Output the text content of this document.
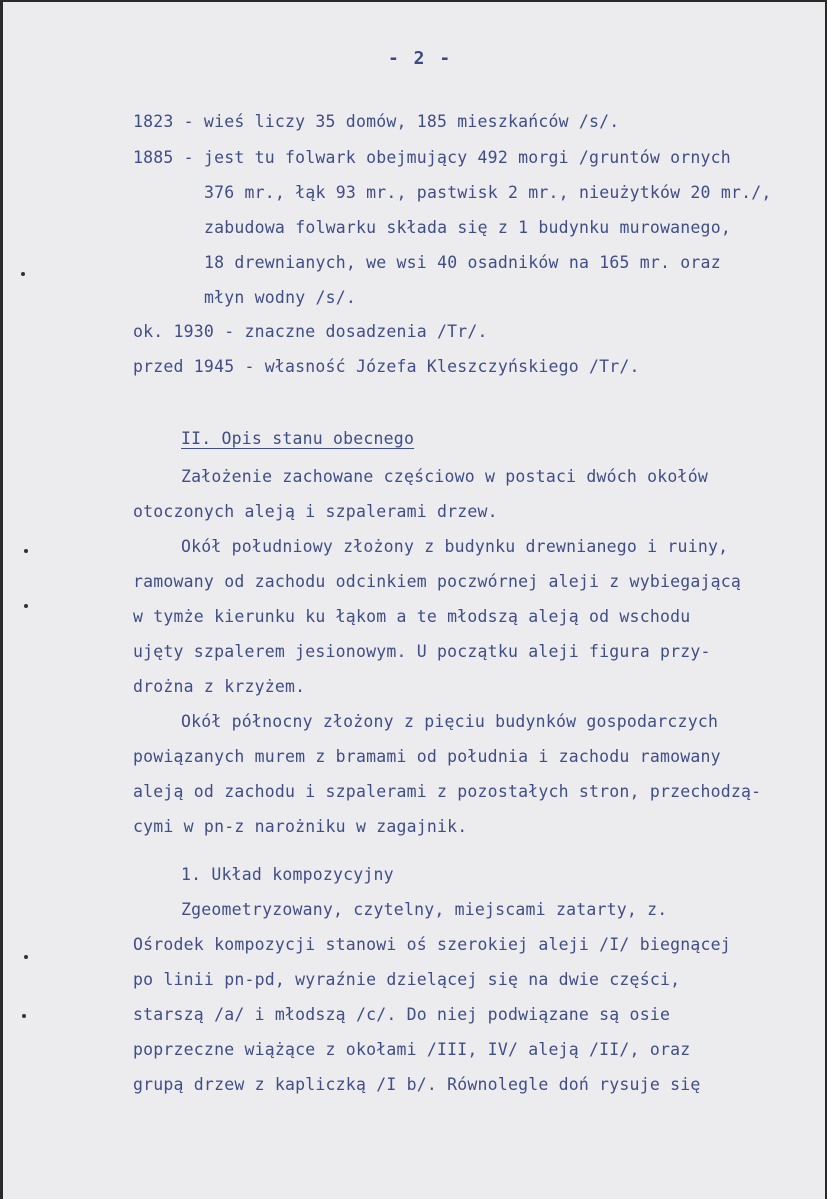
- 2 -
1823 - wieś liczy 35 domów, 185 mieszkańców /s/.
1885 - jest tu folwark obejmujący 492 morgi /gruntów ornych
376 mr., łąk 93 mr., pastwisk 2 mr., nieużytków 20 mr./,
zabudowa folwarku składa się z 1 budynku murowanego,
18 drewnianych, we wsi 40 osadników na 165 mr. oraz
młyn wodny /s/.
ok. 1930 - znaczne dosadzenia /Tr/.
przed 1945 - własność Józefa Kleszczyńskiego /Tr/.
II. Opis stanu obecnego
Założenie zachowane częściowo w postaci dwóch okołów
otoczonych aleją i szpalerami drzew.
Okół południowy złożony z budynku drewnianego i ruiny,
ramowany od zachodu odcinkiem poczwórnej aleji z wybiegającą
w tymże kierunku ku łąkom a te młodszą aleją od wschodu
ujęty szpalerem jesionowym. U początku aleji figura przy-
drożna z krzyżem.
Okół północny złożony z pięciu budynków gospodarczych
powiązanych murem z bramami od południa i zachodu ramowany
aleją od zachodu i szpalerami z pozostałych stron, przechodzą-
cymi w pn-z narożniku w zagajnik.
1. Układ kompozycyjny
Zgeometryzowany, czytelny, miejscami zatarty, z.
Ośrodek kompozycji stanowi oś szerokiej aleji /I/ biegnącej
po linii pn-pd, wyraźnie dzielącej się na dwie części,
starszą /a/ i młodszą /c/. Do niej podwiązane są osie
poprzeczne wiążące z okołami /III, IV/ aleją /II/, oraz
grupą drzew z kapliczką /I b/. Równolegle doń rysuje się
